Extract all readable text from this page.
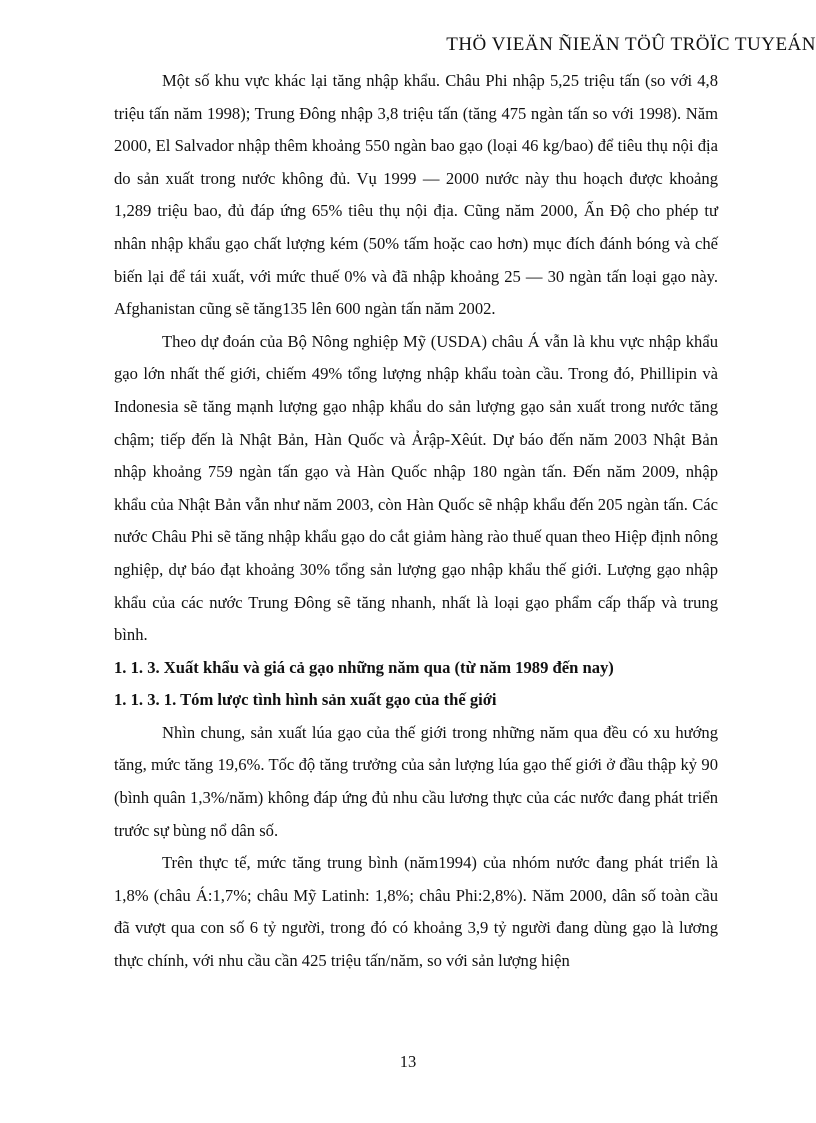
THÖ VIEÄN ÑIEÄN TÖÛ TRÖÏC TUYEÁN

Một số khu vực khác lại tăng nhập khẩu. Châu Phi nhập 5,25 triệu tấn (so với 4,8 triệu tấn năm 1998); Trung Đông nhập 3,8 triệu tấn (tăng 475 ngàn tấn so với 1998). Năm 2000, El Salvador nhập thêm khoảng 550 ngàn bao gạo (loại 46 kg/bao) để tiêu thụ nội địa do sản xuất trong nước không đủ. Vụ 1999 — 2000 nước này thu hoạch được khoảng 1,289 triệu bao, đủ đáp ứng 65% tiêu thụ nội địa. Cũng năm 2000, Ấn Độ cho phép tư nhân nhập khẩu gạo chất lượng kém (50% tấm hoặc cao hơn) mục đích đánh bóng và chế biến lại để tái xuất, với mức thuế 0% và đã nhập khoảng 25 — 30 ngàn tấn loại gạo này. Afghanistan cũng sẽ tăng135 lên 600 ngàn tấn năm 2002.

Theo dự đoán của Bộ Nông nghiệp Mỹ (USDA) châu Á vẫn là khu vực nhập khẩu gạo lớn nhất thế giới, chiếm 49% tổng lượng nhập khẩu toàn cầu. Trong đó, Phillipin và Indonesia sẽ tăng mạnh lượng gạo nhập khẩu do sản lượng gạo sản xuất trong nước tăng chậm; tiếp đến là Nhật Bản, Hàn Quốc và Ảrập-Xêút. Dự báo đến năm 2003 Nhật Bản nhập khoảng 759 ngàn tấn gạo và Hàn Quốc nhập 180 ngàn tấn. Đến năm 2009, nhập khẩu của Nhật Bản vẫn như năm 2003, còn Hàn Quốc sẽ nhập khẩu đến 205 ngàn tấn. Các nước Châu Phi sẽ tăng nhập khẩu gạo do cắt giảm hàng rào thuế quan theo Hiệp định nông nghiệp, dự báo đạt khoảng 30% tổng sản lượng gạo nhập khẩu thế giới. Lượng gạo nhập khẩu của các nước Trung Đông sẽ tăng nhanh, nhất là loại gạo phẩm cấp thấp và trung bình.

1. 1. 3. Xuất khẩu và giá cả gạo những năm qua (từ năm 1989 đến nay)
1. 1. 3. 1. Tóm lược tình hình sản xuất gạo của thế giới

Nhìn chung, sản xuất lúa gạo của thế giới trong những năm qua đều có xu hướng tăng, mức tăng 19,6%. Tốc độ tăng trưởng của sản lượng lúa gạo thế giới ở đầu thập kỷ 90 (bình quân 1,3%/năm) không đáp ứng đủ nhu cầu lương thực của các nước đang phát triển trước sự bùng nổ dân số.

Trên thực tế, mức tăng trung bình (năm1994) của nhóm nước đang phát triển là 1,8% (châu Á:1,7%; châu Mỹ Latinh: 1,8%; châu Phi:2,8%). Năm 2000, dân số toàn cầu đã vượt qua con số 6 tỷ người, trong đó có khoảng 3,9 tỷ người đang dùng gạo là lương thực chính, với nhu cầu cần 425 triệu tấn/năm, so với sản lượng hiện

13
